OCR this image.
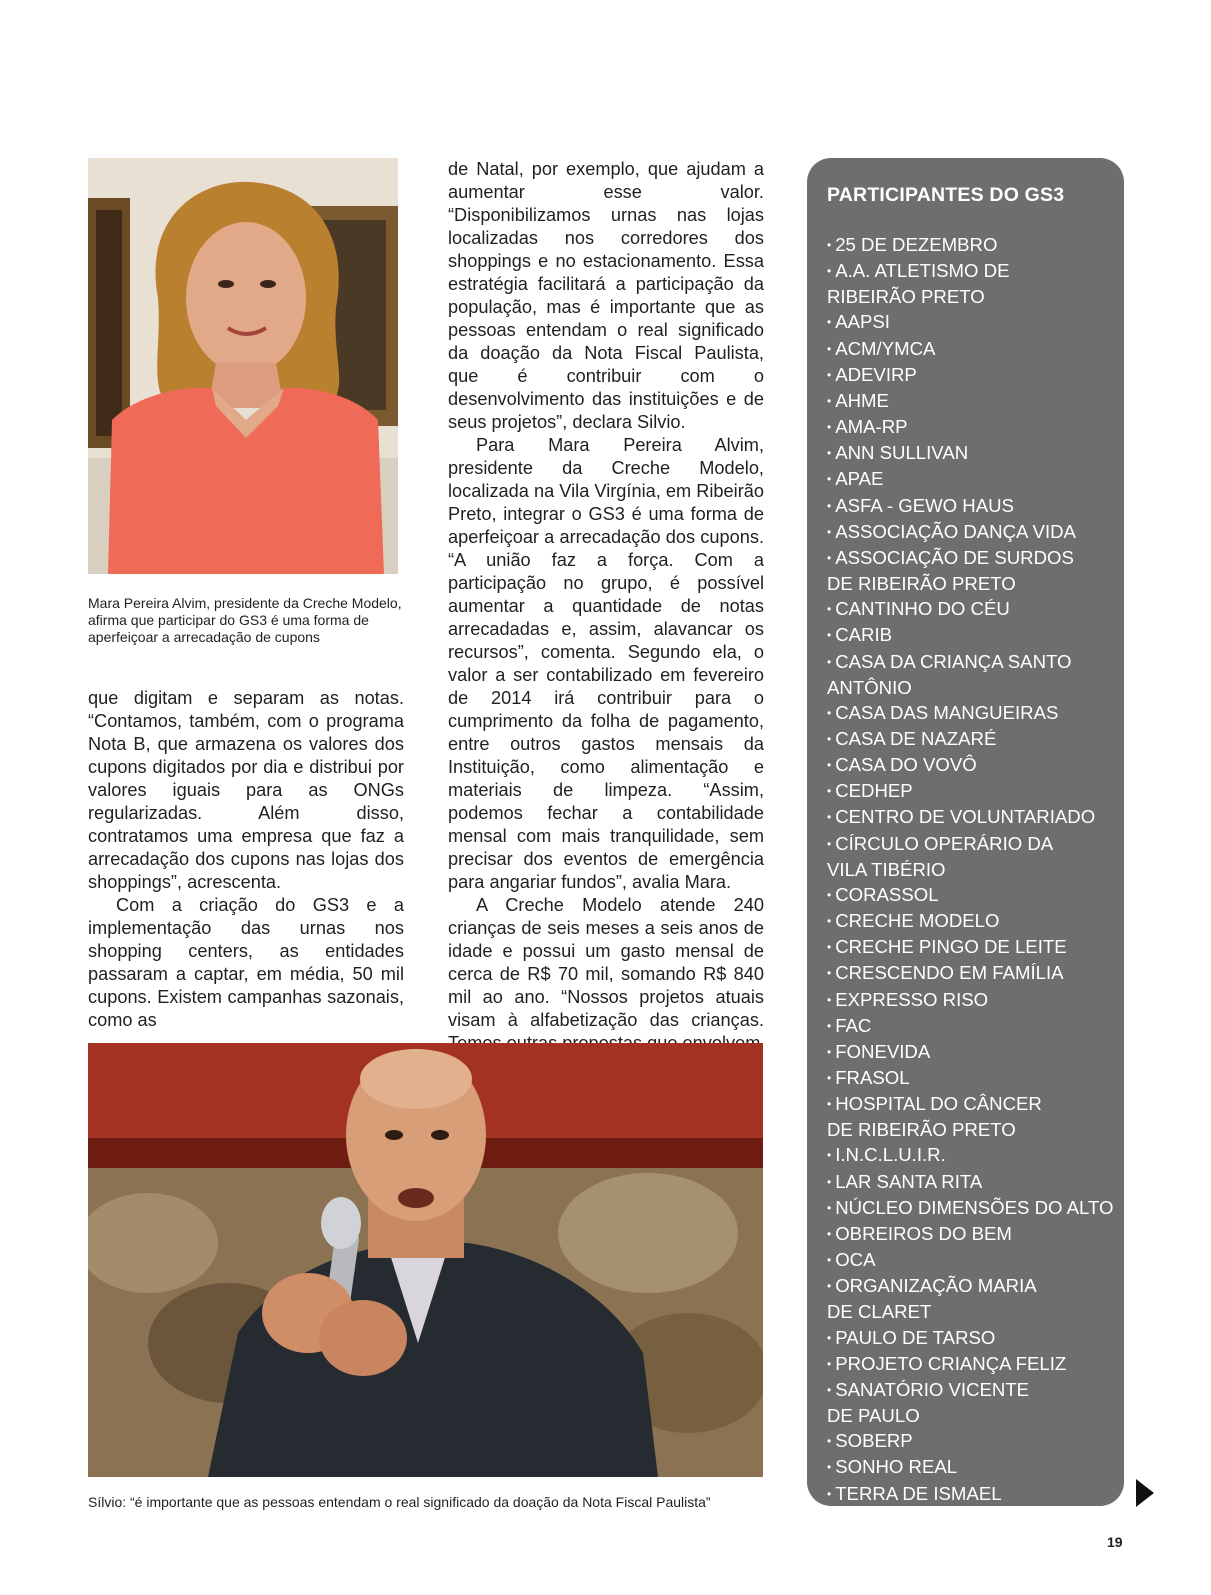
Mara Pereira Alvim, presidente da Creche Modelo, afirma que participar do GS3 é uma forma de aperfeiçoar a arrecadação de cupons

que digitam e separam as notas. “Contamos, também, com o programa Nota B, que armazena os valores dos cupons digitados por dia e distribui por valores iguais para as ONGs regularizadas. Além disso, contratamos uma empresa que faz a arrecadação dos cupons nas lojas dos shoppings”, acrescenta.

Com a criação do GS3 e a implementação das urnas nos shopping centers, as entidades passaram a captar, em média, 50 mil cupons. Existem campanhas sazonais, como as

de Natal, por exemplo, que ajudam a aumentar esse valor. “Disponibilizamos urnas nas lojas localizadas nos corredores dos shoppings e no estacionamento. Essa estratégia facilitará a participação da população, mas é importante que as pessoas entendam o real significado da doação da Nota Fiscal Paulista, que é contribuir com o desenvolvimento das instituições e de seus projetos”, declara Silvio.

Para Mara Pereira Alvim, presidente da Creche Modelo, localizada na Vila Virgínia, em Ribeirão Preto, integrar o GS3 é uma forma de aperfeiçoar a arrecadação dos cupons. “A união faz a força. Com a participação no grupo, é possível aumentar a quantidade de notas arrecadadas e, assim, alavancar os recursos”, comenta. Segundo ela, o valor a ser contabilizado em fevereiro de 2014 irá contribuir para o cumprimento da folha de pagamento, entre outros gastos mensais da Instituição, como alimentação e materiais de limpeza. “Assim, podemos fechar a contabilidade mensal com mais tranquilidade, sem precisar dos eventos de emergência para angariar fundos”, avalia Mara.

A Creche Modelo atende 240 crianças de seis meses a seis anos de idade e possui um gasto mensal de cerca de R$ 70 mil, somando R$ 840 mil ao ano. “Nossos projetos atuais visam à alfabetização das crianças.

Sílvio: “é importante que as pessoas entendam o real significado da doação da Nota Fiscal Paulista”
PARTICIPANTES DO GS3
• 25 DE DEZEMBRO
• A.A. ATLETISMO DE

RIBEIRÃO PRETO
• AAPSI
• ACM/YMCA
• ADEVIRP
• AHME
• AMA-RP
• ANN SULLIVAN
• APAE
• ASFA - GEWO HAUS
• ASSOCIAÇÃO DANÇA VIDA
• ASSOCIAÇÃO DE SURDOS

DE RIBEIRÃO PRETO
• CANTINHO DO CÉU
• CARIB
• CASA DA CRIANÇA SANTO

ANTÔNIO
• CASA DAS MANGUEIRAS
• CASA DE NAZARÉ
• CASA DO VOVÔ
• CEDHEP
• CENTRO DE VOLUNTARIADO
• CÍRCULO OPERÁRIO DA

VILA TIBÉRIO
• CORASSOL
• CRECHE MODELO
• CRECHE PINGO DE LEITE
• CRESCENDO EM FAMÍLIA
• EXPRESSO RISO
• FAC
• FONEVIDA
• FRASOL
• HOSPITAL DO CÂNCER

DE RIBEIRÃO PRETO
• I.N.C.L.U.I.R.
• LAR SANTA RITA
• NÚCLEO DIMENSÕES DO ALTO
• OBREIROS DO BEM
• OCA
• ORGANIZAÇÃO MARIA

DE CLARET
• PAULO DE TARSO
• PROJETO CRIANÇA FELIZ
• SANATÓRIO VICENTE

DE PAULO
• SOBERP
• SONHO REAL
• TERRA DE ISMAEL
• VINDE MENINOS
19
